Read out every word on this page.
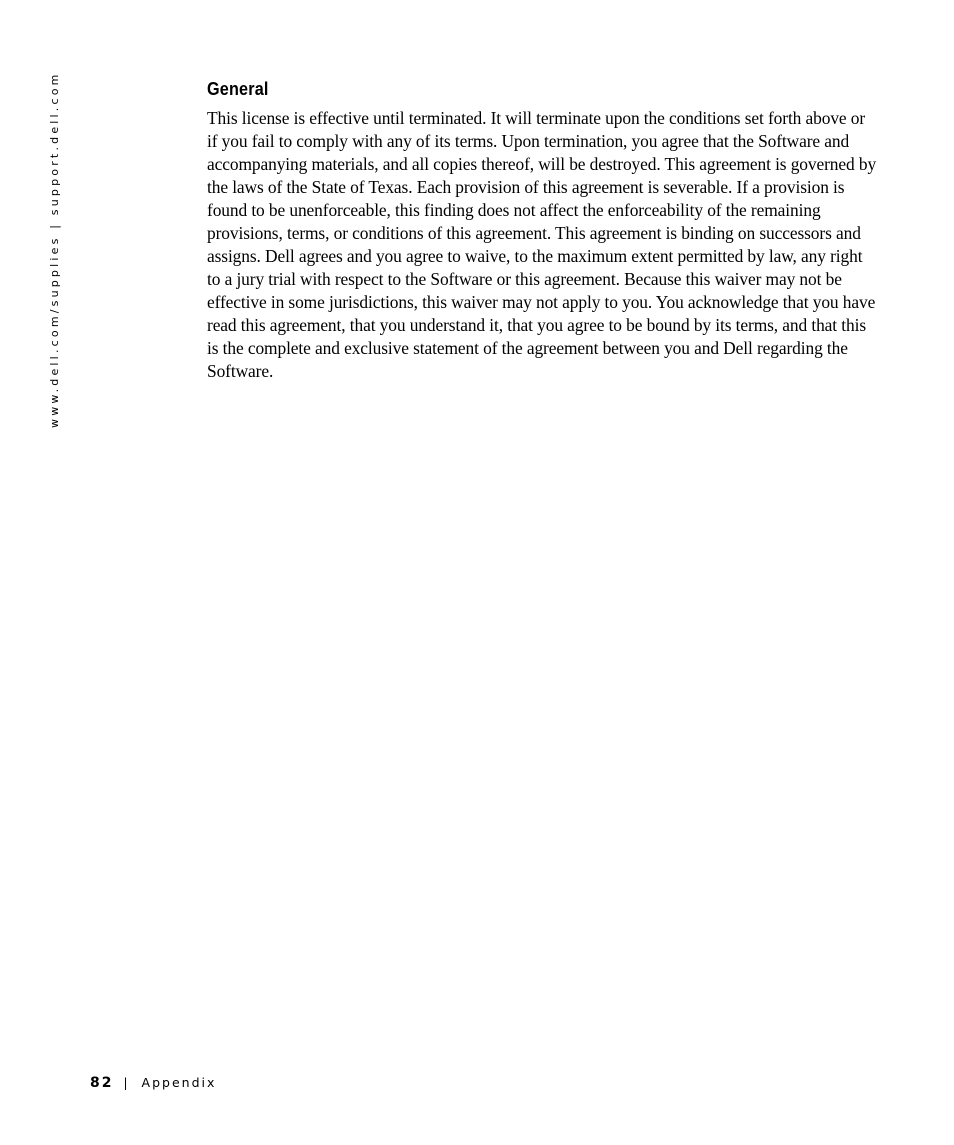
www.dell.com/supplies | support.dell.com	General

This license is effective until terminated. It will terminate upon the conditions set forth above or if you fail to comply with any of its terms. Upon termination, you agree that the Software and accompanying materials, and all copies thereof, will be destroyed. This agreement is governed by the laws of the State of Texas. Each provision of this agreement is severable. If a provision is found to be unenforceable, this finding does not affect the enforceability of the remaining provisions, terms, or conditions of this agreement. This agreement is binding on successors and assigns. Dell agrees and you agree to waive, to the maximum extent permitted by law, any right to a jury trial with respect to the Software or this agreement. Because this waiver may not be effective in some jurisdictions, this waiver may not apply to you. You acknowledge that you have read this agreement, that you understand it, that you agree to be bound by its terms, and that this is the complete and exclusive statement of the agreement between you and Dell regarding the Software.

82 | Appendix
